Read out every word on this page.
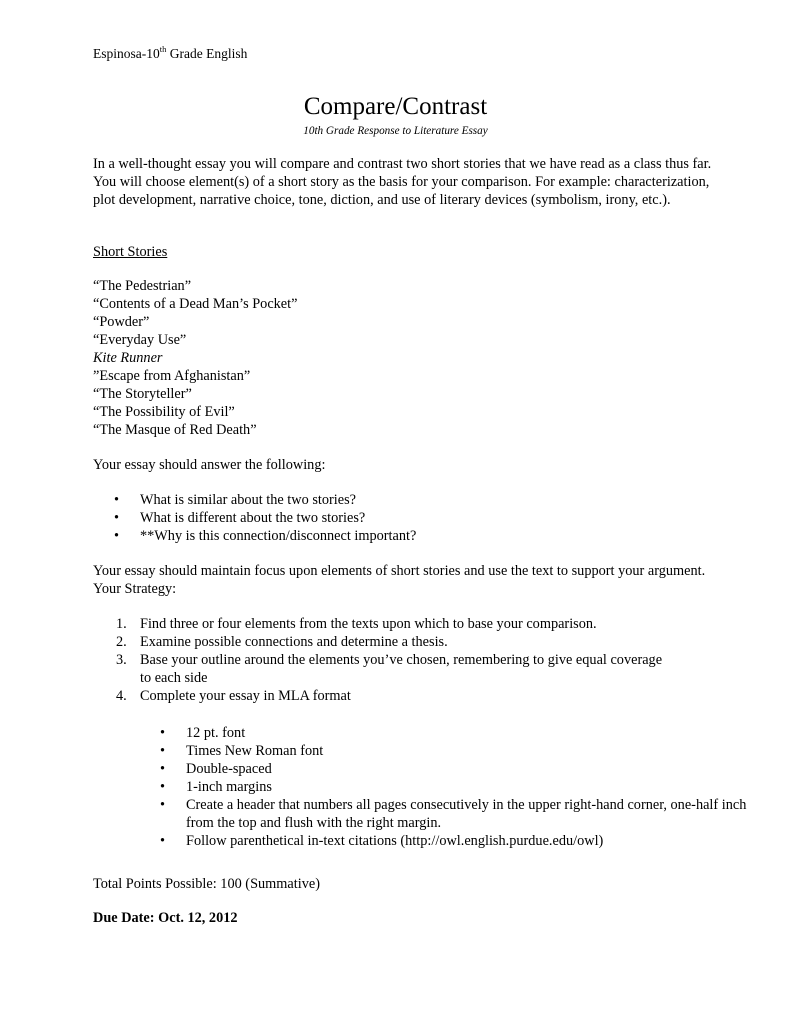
Espinosa-10th Grade English
Compare/Contrast
10th Grade Response to Literature Essay

In a well-thought essay you will compare and contrast two short stories that we have read as a class thus far. You will choose element(s) of a short story as the basis for your comparison. For example: characterization, plot development, narrative choice, tone, diction, and use of literary devices (symbolism, irony, etc.).

Short Stories
“The Pedestrian”
“Contents of a Dead Man’s Pocket”
“Powder”
“Everyday Use”
Kite Runner
”Escape from Afghanistan”
“The Storyteller”
“The Possibility of Evil”
“The Masque of Red Death”

Your essay should answer the following:

• What is similar about the two stories?
• What is different about the two stories?
• **Why is this connection/disconnect important?

Your essay should maintain focus upon elements of short stories and use the text to support your argument. Your Strategy:

1. Find three or four elements from the texts upon which to base your comparison.
2. Examine possible connections and determine a thesis.
3. Base your outline around the elements you’ve chosen, remembering to give equal coverage to each side
4. Complete your essay in MLA format
• 12 pt. font
• Times New Roman font
• Double-spaced
• 1-inch margins
• Create a header that numbers all pages consecutively in the upper right-hand corner, one-half inch from the top and flush with the right margin.
• Follow parenthetical in-text citations (http://owl.english.purdue.edu/owl)

Total Points Possible: 100 (Summative)

Due Date: Oct. 12, 2012
